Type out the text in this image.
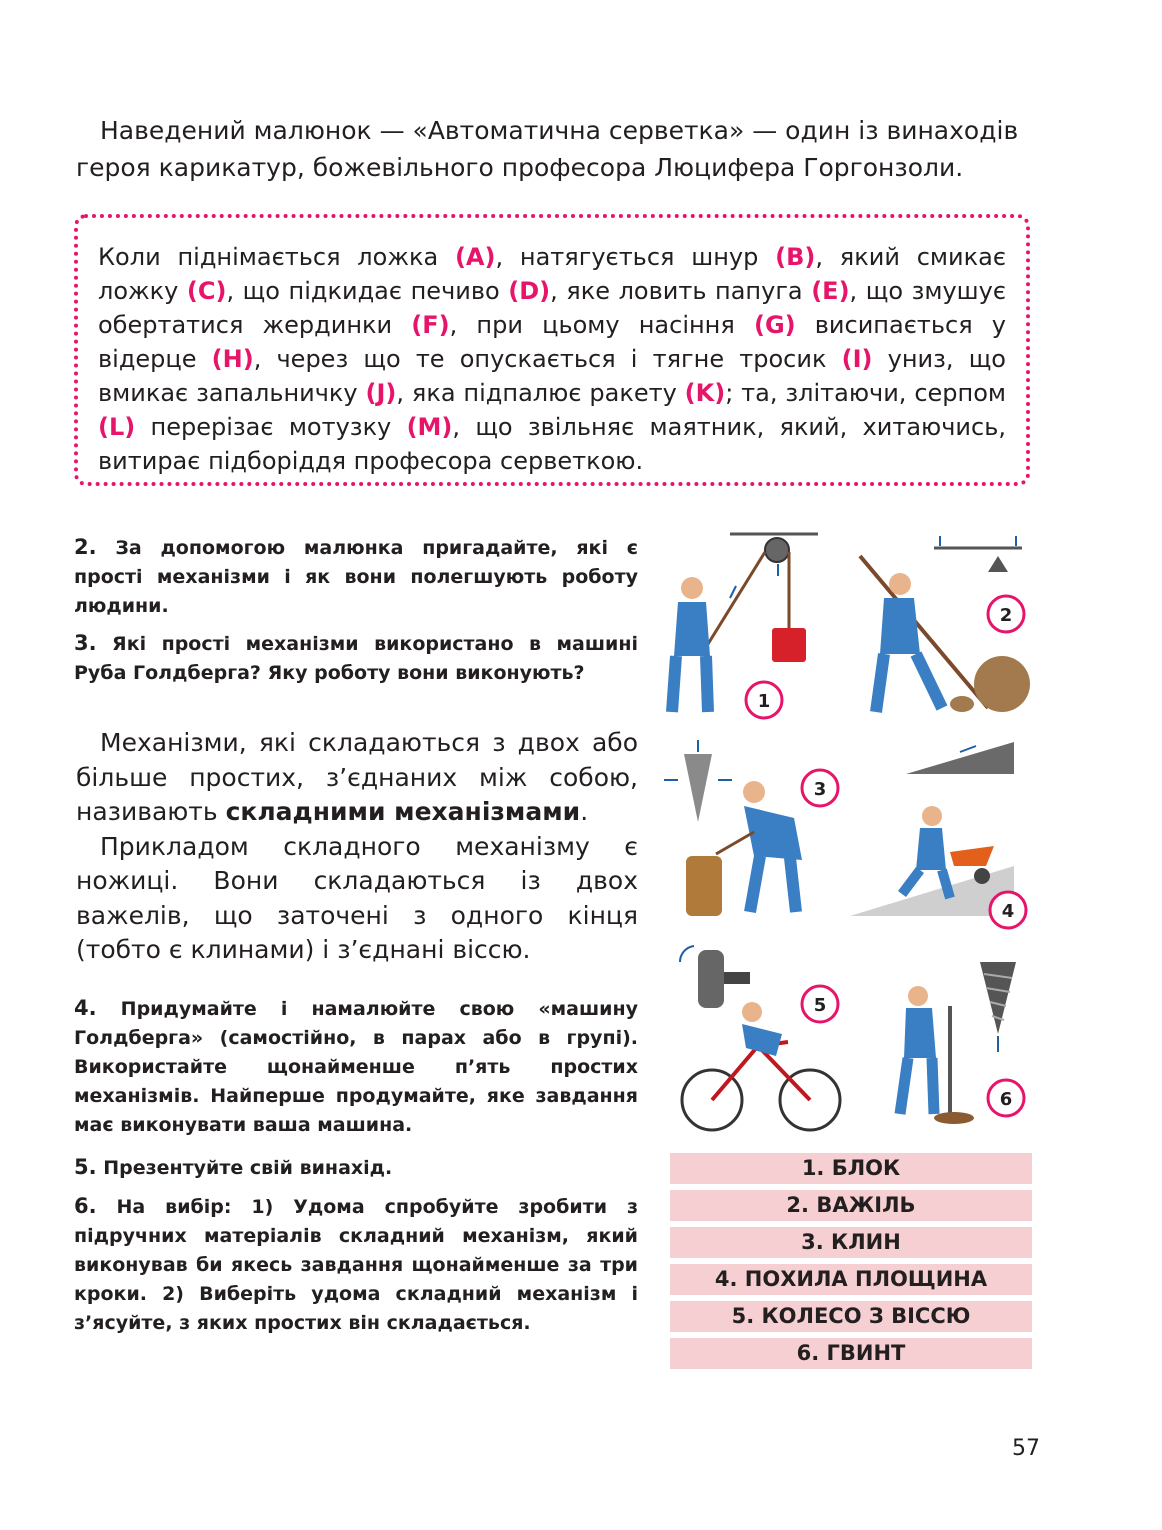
Наведений малюнок — «Автоматична серветка» — один із винаходів
героя карикатур, божевільного професора Люцифера Горгонзоли.

Коли піднімається ложка (A), натягується шнур (B), який смикає ложку (C), що підкидає печиво (D), яке ловить папуга (E), що змушує обертатися жердинки (F), при цьому насіння (G) висипається у відерце (H), через що те опускається і тягне тросик (I) униз, що вмикає запальничку (J), яка підпалює ракету (K); та, злітаючи, серпом (L) перерізає мотузку (M), що звільняє маятник, який, хитаючись, витирає підборіддя професора серветкою.

2. За допомогою малюнка пригадайте, які є прості механізми і як вони полегшують роботу людини.
3. Які прості механізми використано в машині Руба Голдберга? Яку роботу вони виконують?
Механізми, які складаються з двох або більше простих, з’єднаних між собою, називають складними механізмами.
Прикладом складного механізму є ножиці. Вони складаються із двох важелів, що заточені з одного кінця (тобто є клинами) і з’єднані віссю.
4. Придумайте і намалюйте свою «машину Голдберга» (самостійно, в парах або в групі). Використайте щонайменше п’ять простих механізмів. Найперше продумайте, яке завдання має виконувати ваша машина.
5. Презентуйте свій винахід.
6. На вибір: 1) Удома спробуйте зробити з підручних матеріалів складний механізм, який виконував би якесь завдання щонайменше за три кроки. 2) Виберіть удома складний механізм і з’ясуйте, з яких простих він складається.
1
2
3
4
5
6
1. БЛОК
2. ВАЖІЛЬ
3. КЛИН
4. ПОХИЛА ПЛОЩИНА
5. КОЛЕСО З ВІССЮ
6. ГВИНТ
57
